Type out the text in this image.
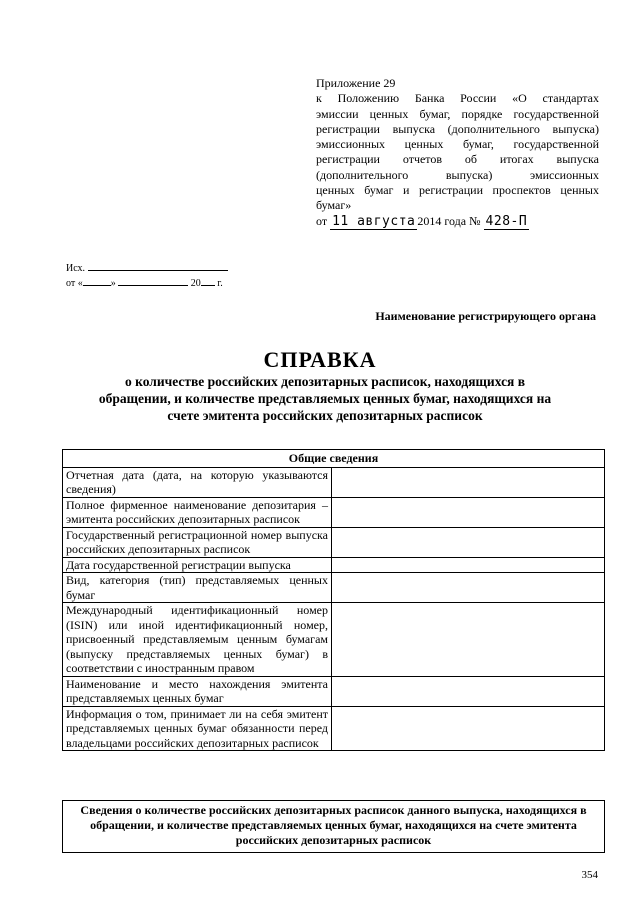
Приложение 29
к Положению Банка России «О стандартах
эмиссии ценных бумаг, порядке государственной
регистрации выпуска (дополнительного выпуска)
эмиссионных ценных бумаг, государственной
регистрации отчетов об итогах выпуска
(дополнительного выпуска) эмиссионных
ценных бумаг и регистрации проспектов ценных
бумаг»
от 11 августа 2014 года № 428-П
Исх.
от «	»	20 г.
Наименование регистрирующего органа
СПРАВКА
о количестве российских депозитарных расписок, находящихся в обращении, и количестве представляемых ценных бумаг, находящихся на счете эмитента российских депозитарных расписок
Общие сведения	
Отчетная дата (дата, на которую указываются сведения)	
Полное фирменное наименование депозитария – эмитента российских депозитарных расписок	
Государственный регистрационной номер выпуска российских депозитарных расписок	
Дата государственной регистрации выпуска	
Вид, категория (тип) представляемых ценных бумаг	
Международный идентификационный номер (ISIN) или иной идентификационный номер, присвоенный представляемым ценным бумагам (выпуску представляемых ценных бумаг) в соответствии с иностранным правом	
Наименование и место нахождения эмитента представляемых ценных бумаг	
Информация о том, принимает ли на себя эмитент представляемых ценных бумаг обязанности перед владельцами российских депозитарных расписок	
Сведения о количестве российских депозитарных расписок данного выпуска, находящихся в обращении, и количестве представляемых ценных бумаг, находящихся на счете эмитента российских депозитарных расписок
354
